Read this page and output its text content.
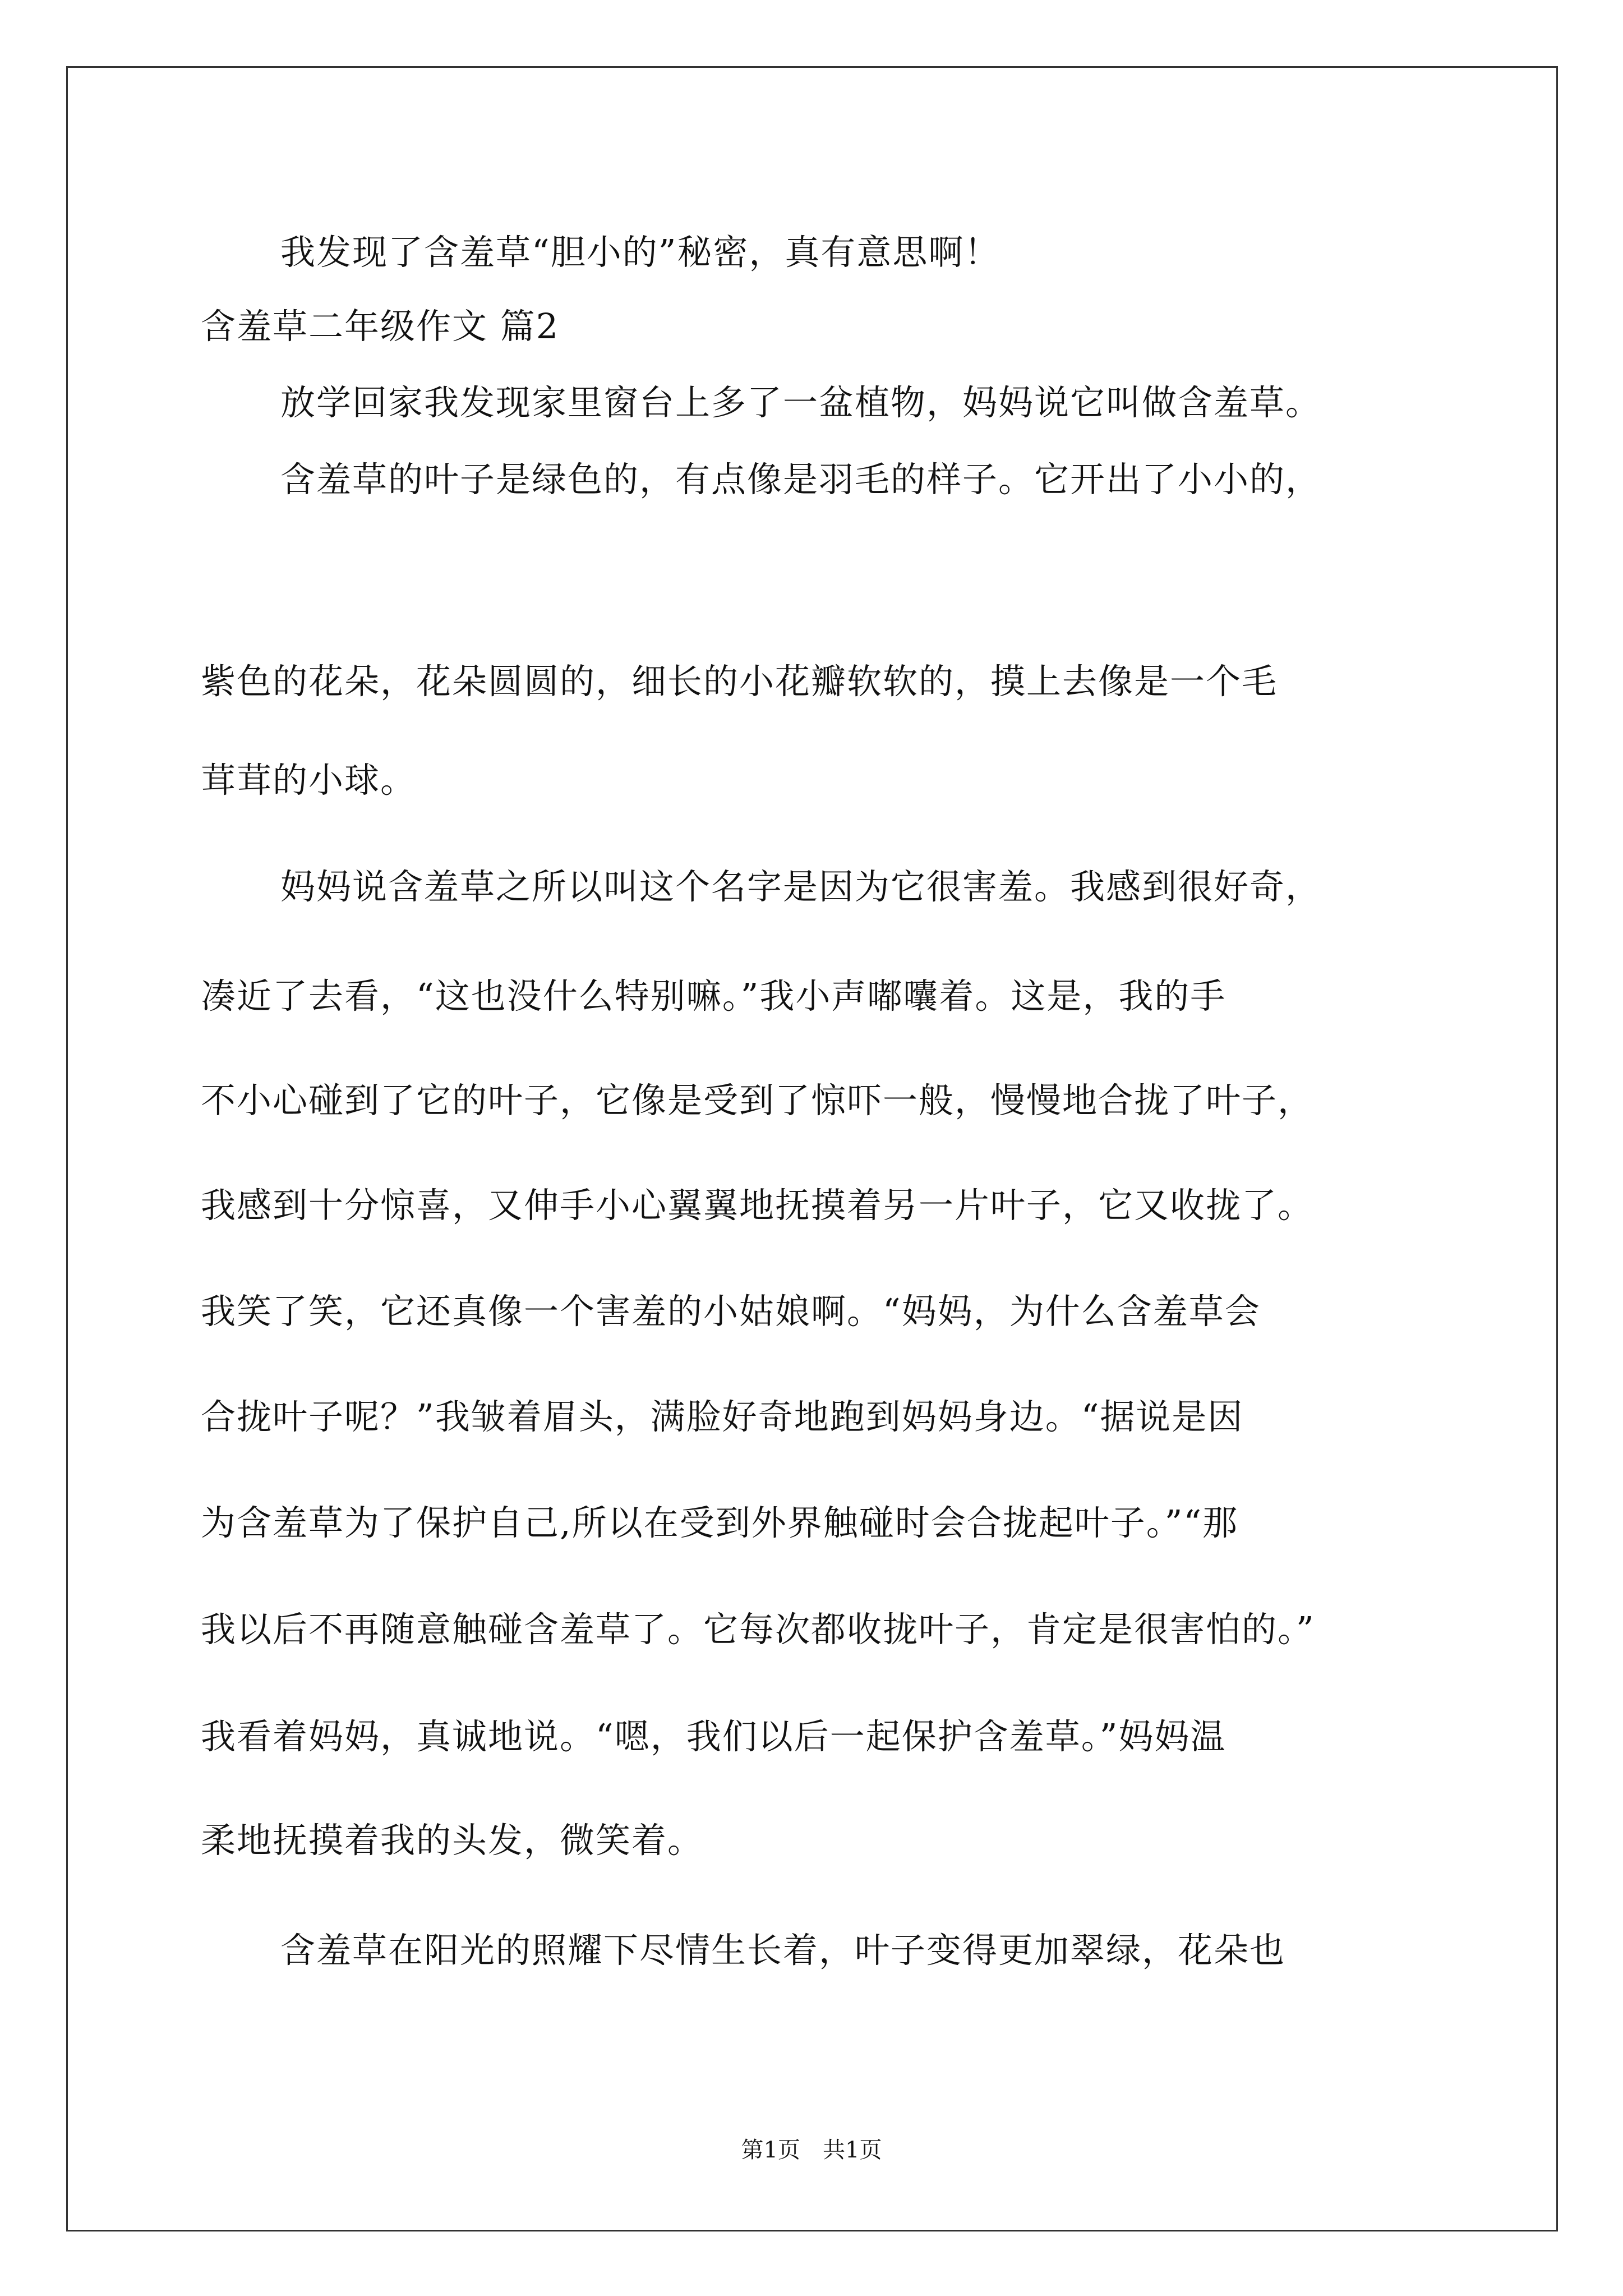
我发现了含羞草“胆小的”秘密，真有意思啊！
含羞草二年级作文 篇2
放学回家我发现家里窗台上多了一盆植物，妈妈说它叫做含羞草。
含羞草的叶子是绿色的，有点像是羽毛的样子。它开出了小小的，
紫色的花朵，花朵圆圆的，细长的小花瓣软软的，摸上去像是一个毛
茸茸的小球。
妈妈说含羞草之所以叫这个名字是因为它很害羞。我感到很好奇，
凑近了去看，“这也没什么特别嘛。”我小声嘟囔着。这是，我的手
不小心碰到了它的叶子，它像是受到了惊吓一般，慢慢地合拢了叶子，
我感到十分惊喜，又伸手小心翼翼地抚摸着另一片叶子，它又收拢了。
我笑了笑，它还真像一个害羞的小姑娘啊。“妈妈，为什么含羞草会
合拢叶子呢？”我皱着眉头，满脸好奇地跑到妈妈身边。“据说是因
为含羞草为了保护自己,所以在受到外界触碰时会合拢起叶子。”“那
我以后不再随意触碰含羞草了。它每次都收拢叶子，肯定是很害怕的。”
我看着妈妈，真诚地说。“嗯，我们以后一起保护含羞草。”妈妈温
柔地抚摸着我的头发，微笑着。
含羞草在阳光的照耀下尽情生长着，叶子变得更加翠绿，花朵也
第1页 共1页
